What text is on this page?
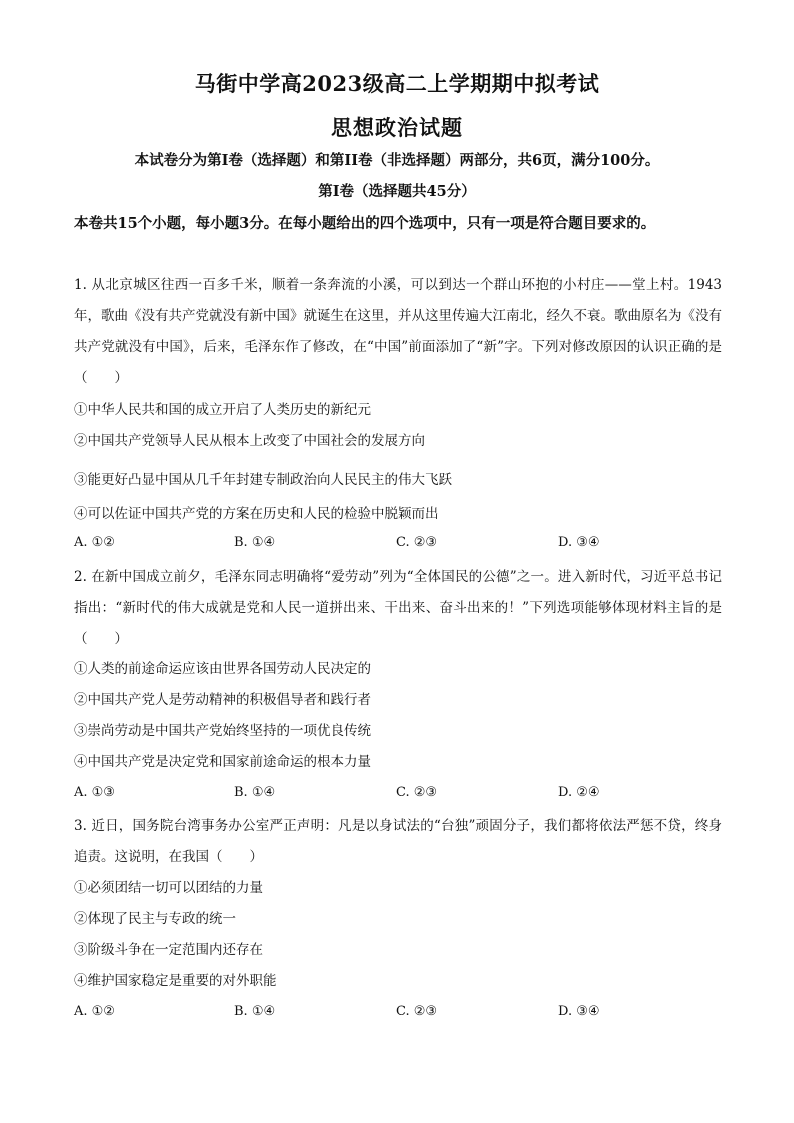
马街中学高2023级高二上学期期中拟考试
思想政治试题
本试卷分为第I卷（选择题）和第II卷（非选择题）两部分，共6页，满分100分。
第I卷（选择题共45分）
本卷共15个小题，每小题3分。在每小题给出的四个选项中，只有一项是符合题目要求的。
1. 从北京城区往西一百多千米，顺着一条奔流的小溪，可以到达一个群山环抱的小村庄——堂上村。1943年，歌曲《没有共产党就没有新中国》就诞生在这里，并从这里传遍大江南北，经久不衰。歌曲原名为《没有共产党就没有中国》，后来，毛泽东作了修改，在“中国”前面添加了“新”字。下列对修改原因的认识正确的是（　　）
①中华人民共和国的成立开启了人类历史的新纪元
②中国共产党领导人民从根本上改变了中国社会的发展方向
③能更好凸显中国从几千年封建专制政治向人民民主的伟大飞跃
④可以佐证中国共产党的方案在历史和人民的检验中脱颖而出
A. ①②	B. ①④	C. ②③	D. ③④
2. 在新中国成立前夕，毛泽东同志明确将“爱劳动”列为“全体国民的公德”之一。进入新时代，习近平总书记指出：“新时代的伟大成就是党和人民一道拼出来、干出来、奋斗出来的！”下列选项能够体现材料主旨的是（　　）
①人类的前途命运应该由世界各国劳动人民决定的
②中国共产党人是劳动精神的积极倡导者和践行者
③崇尚劳动是中国共产党始终坚持的一项优良传统
④中国共产党是决定党和国家前途命运的根本力量
A. ①③	B. ①④	C. ②③	D. ②④
3. 近日，国务院台湾事务办公室严正声明：凡是以身试法的“台独”顽固分子，我们都将依法严惩不贷，终身追责。这说明，在我国（　　）
①必须团结一切可以团结的力量
②体现了民主与专政的统一
③阶级斗争在一定范围内还存在
④维护国家稳定是重要的对外职能
A. ①②	B. ①④	C. ②③	D. ③④
